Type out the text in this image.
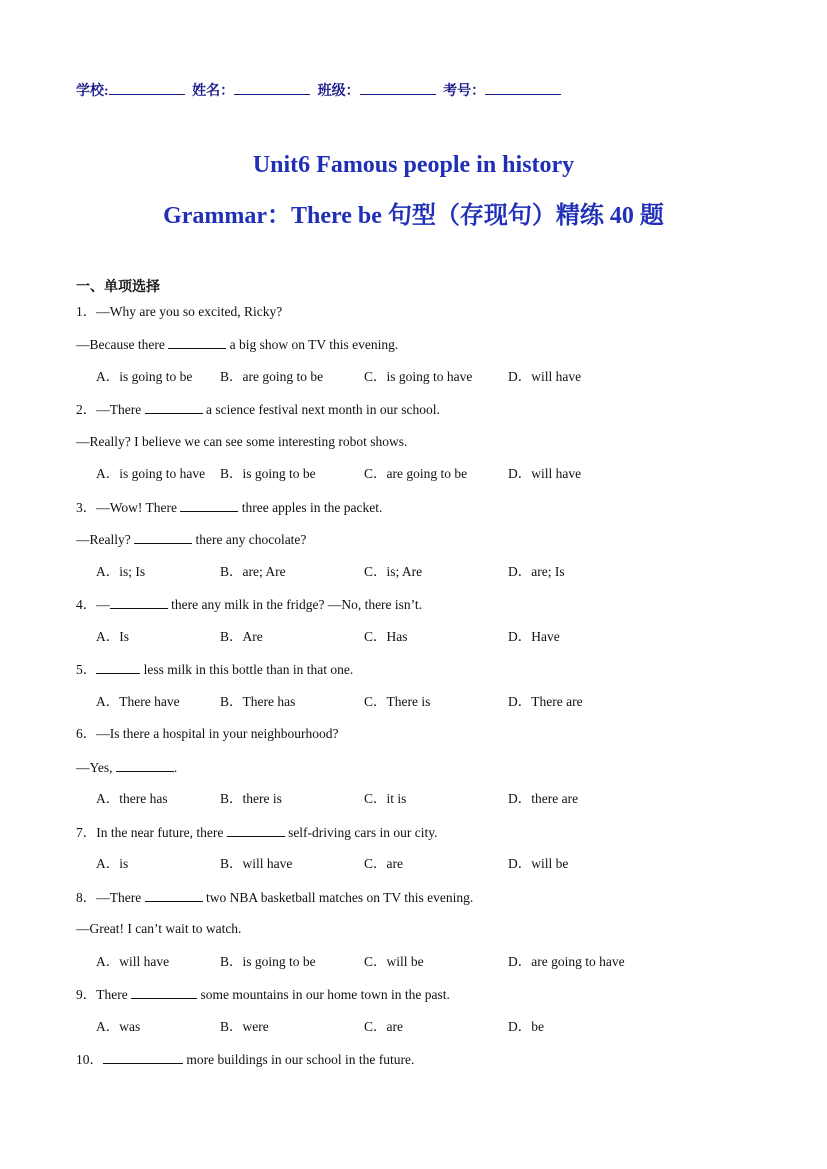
学校:	姓名：	班级：	考号：
Unit6 Famous people in history
Grammar：There be 句型（存现句）精练 40 题
一、单项选择
1．—Why are you so excited, Ricky?
—Because there	a big show on TV this evening.
A．is going to be B．are going to be	C．is going to have	D．will have
2．—There	a science festival next month in our school.
—Really? I believe we can see some interesting robot shows.
A．is going to have B．is going to be	C．are going to be	D．will have
3．—Wow! There	three apples in the packet.
—Really?	there any chocolate?
A．is; Is	B．are; Are	C．is; Are	D．are; Is
4．—	there any milk in the fridge? —No, there isn’t.
A．Is	B．Are	C．Has	D．Have
5．	less milk in this bottle than in that one.
A．There have	B．There has	C．There is	D．There are
6．—Is there a hospital in your neighbourhood?
—Yes,	.
A．there has	B．there is	C．it is	D．there are
7．In the near future, there	self-driving cars in our city.
A．is	B．will have	C．are	D．will be
8．—There	two NBA basketball matches on TV this evening.
—Great! I can’t wait to watch.
A．will have	B．is going to be	C．will be	D．are going to have
9．There	some mountains in our home town in the past.
A．was	B．were	C．are	D．be
10．	more buildings in our school in the future.
